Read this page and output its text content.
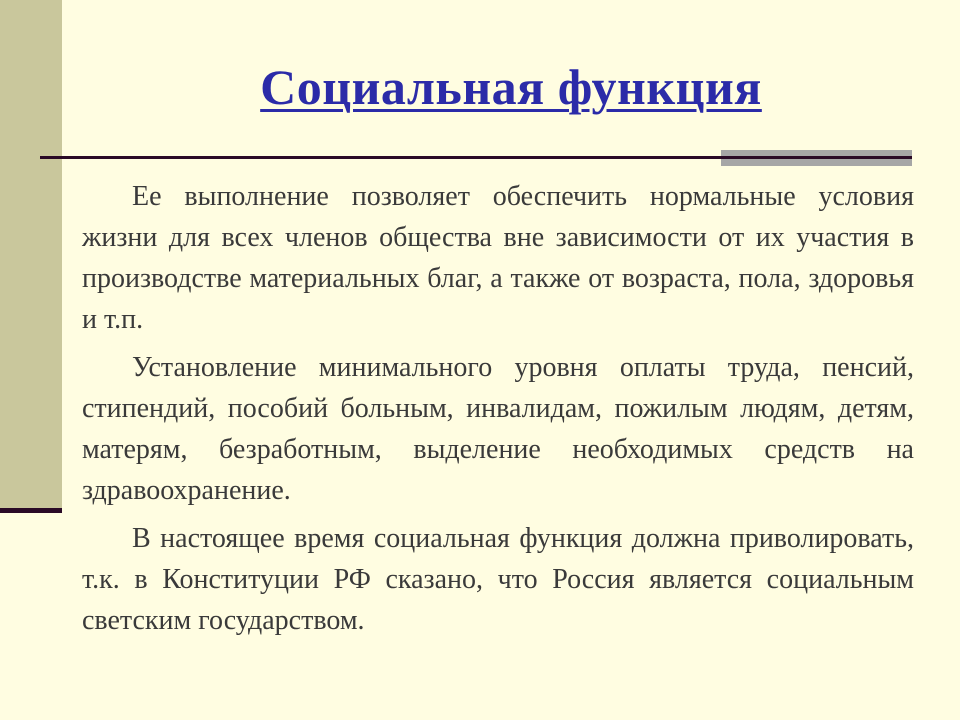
Социальная функция

Ее выполнение позволяет обеспечить нормальные условия жизни для всех членов общества вне зависимости от их участия в производстве материальных благ, а также от возраста, пола, здоровья и т.п.

Установление минимального уровня оплаты труда, пенсий, стипендий, пособий больным, инвалидам, пожилым людям, детям, матерям, безработным, выделение необходимых средств на здравоохранение.

В настоящее время социальная функция должна приволировать, т.к. в Конституции РФ сказано, что Россия является социальным светским государством.
